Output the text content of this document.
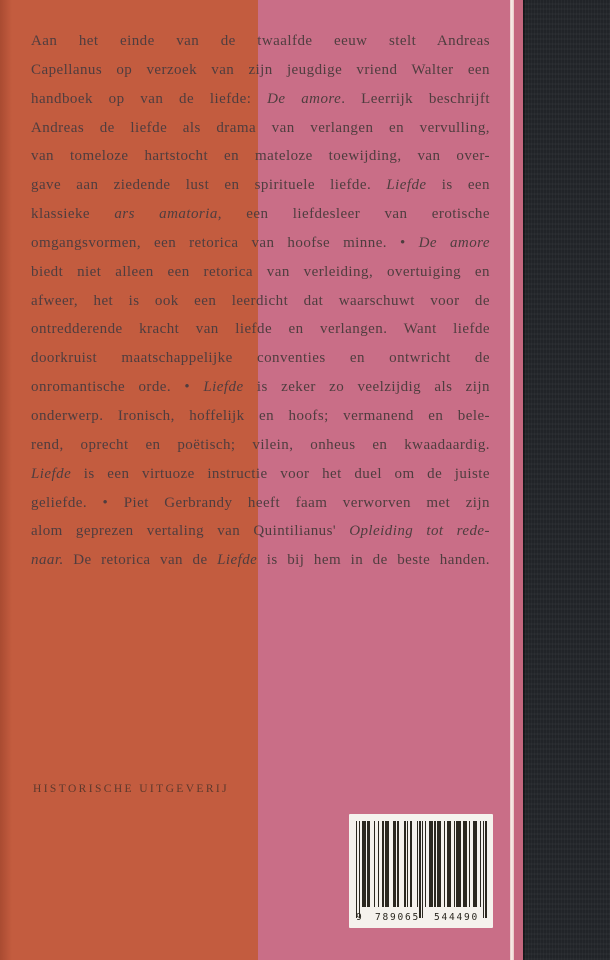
Aan het einde van de twaalfde eeuw stelt Andreas
Capellanus op verzoek van zijn jeugdige vriend Walter een
handboek op van de liefde: De amore. Leerrijk beschrijft
Andreas de liefde als drama van verlangen en vervulling,
van tomeloze hartstocht en mateloze toewijding, van over-
gave aan ziedende lust en spirituele liefde. Liefde is een
klassieke ars amatoria, een liefdesleer van erotische
omgangsvormen, een retorica van hoofse minne. • De amore
biedt niet alleen een retorica van verleiding, overtuiging en
afweer, het is ook een leerdicht dat waarschuwt voor de
ontredderende kracht van liefde en verlangen. Want liefde
doorkruist maatschappelijke conventies en ontwricht de
onromantische orde. • Liefde is zeker zo veelzijdig als zijn
onderwerp. Ironisch, hoffelijk en hoofs; vermanend en bele-
rend, oprecht en poëtisch; vilein, onheus en kwaadaardig.
Liefde is een virtuoze instructie voor het duel om de juiste
geliefde. • Piet Gerbrandy heeft faam verworven met zijn
alom geprezen vertaling van Quintilianus' Opleiding tot rede-
naar. De retorica van de Liefde is bij hem in de beste handen.
HISTORISCHE UITGEVERIJ
9	789065	544490
